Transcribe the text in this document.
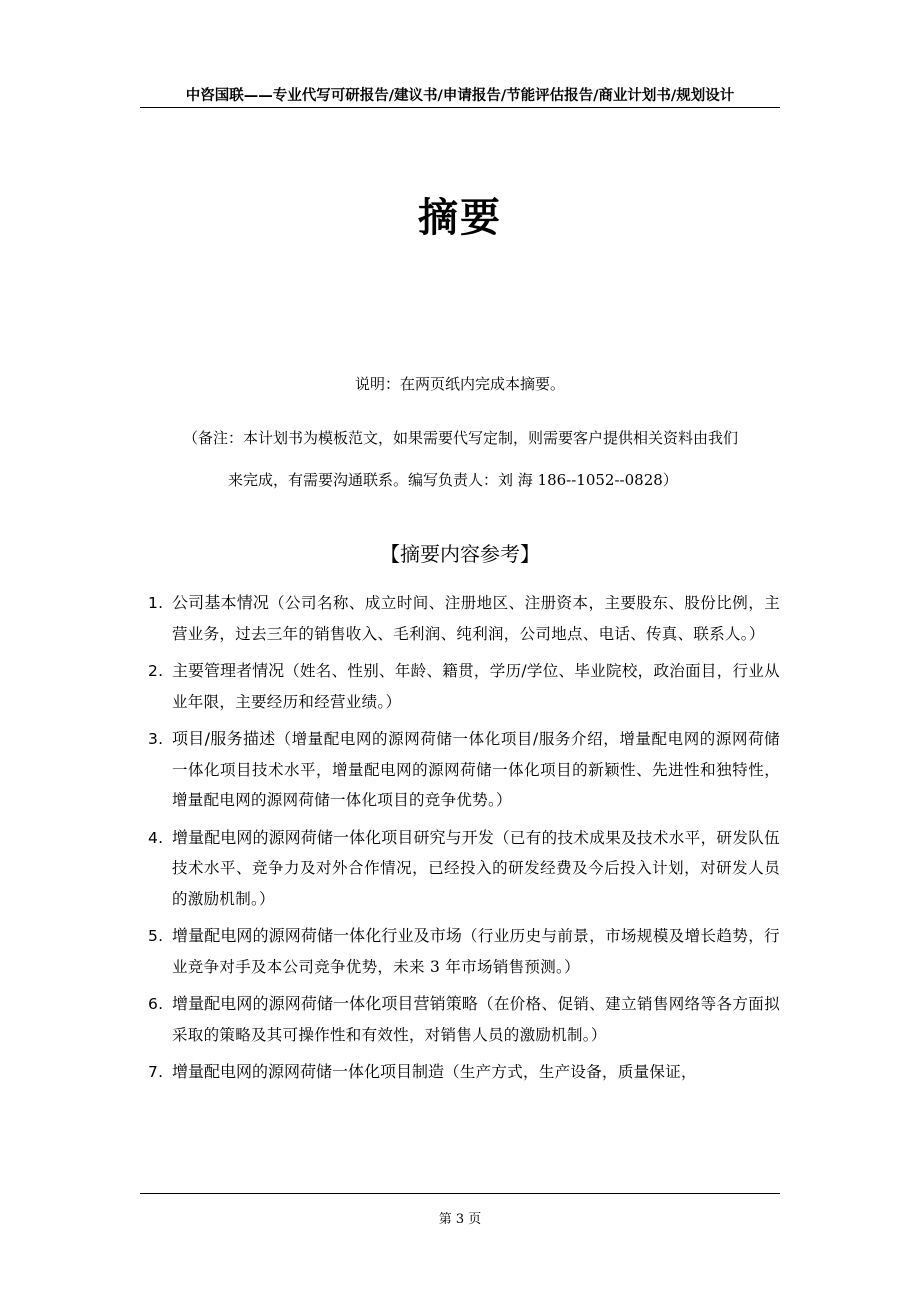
中咨国联——专业代写可研报告/建议书/申请报告/节能评估报告/商业计划书/规划设计
摘要
说明：在两页纸内完成本摘要。
（备注：本计划书为模板范文，如果需要代写定制，则需要客户提供相关资料由我们
来完成，有需要沟通联系。编写负责人：刘 海 186--1052--0828）
【摘要内容参考】
1. 公司基本情况（公司名称、成立时间、注册地区、注册资本，主要股东、股份比例，主营业务，过去三年的销售收入、毛利润、纯利润，公司地点、电话、传真、联系人。）
2. 主要管理者情况（姓名、性别、年龄、籍贯，学历/学位、毕业院校，政治面目，行业从业年限，主要经历和经营业绩。）
3. 项目/服务描述（增量配电网的源网荷储一体化项目/服务介绍，增量配电网的源网荷储一体化项目技术水平，增量配电网的源网荷储一体化项目的新颖性、先进性和独特性，增量配电网的源网荷储一体化项目的竞争优势。）
4. 增量配电网的源网荷储一体化项目研究与开发（已有的技术成果及技术水平，研发队伍技术水平、竞争力及对外合作情况，已经投入的研发经费及今后投入计划，对研发人员的激励机制。）
5. 增量配电网的源网荷储一体化行业及市场（行业历史与前景，市场规模及增长趋势，行业竞争对手及本公司竞争优势，未来 3 年市场销售预测。）
6. 增量配电网的源网荷储一体化项目营销策略（在价格、促销、建立销售网络等各方面拟采取的策略及其可操作性和有效性，对销售人员的激励机制。）
7. 增量配电网的源网荷储一体化项目制造（生产方式，生产设备，质量保证，
第 3 页
